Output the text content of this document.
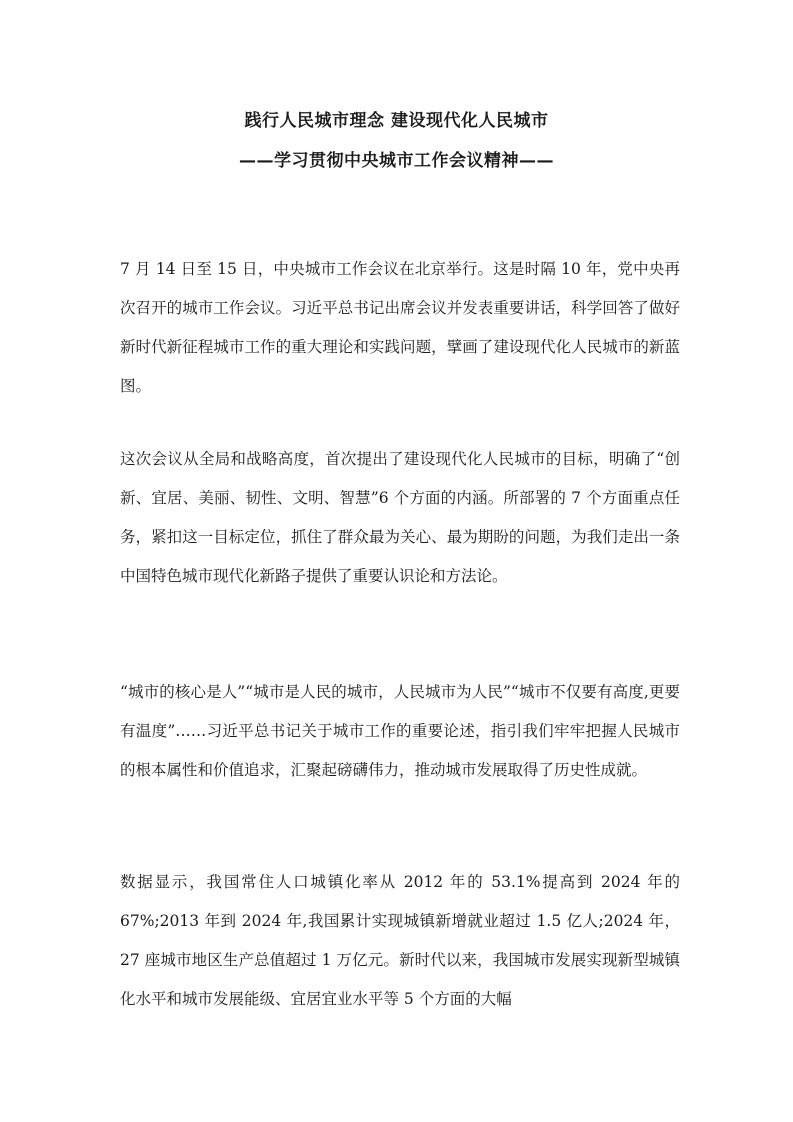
践行人民城市理念 建设现代化人民城市
——学习贯彻中央城市工作会议精神——

7 月 14 日至 15 日，中央城市工作会议在北京举行。这是时隔 10 年，党中央再次召开的城市工作会议。习近平总书记出席会议并发表重要讲话，科学回答了做好新时代新征程城市工作的重大理论和实践问题，擘画了建设现代化人民城市的新蓝图。

这次会议从全局和战略高度，首次提出了建设现代化人民城市的目标，明确了“创新、宜居、美丽、韧性、文明、智慧”6 个方面的内涵。所部署的 7 个方面重点任务，紧扣这一目标定位，抓住了群众最为关心、最为期盼的问题，为我们走出一条中国特色城市现代化新路子提供了重要认识论和方法论。

“城市的核心是人”“城市是人民的城市，人民城市为人民”“城市不仅要有高度,更要有温度”……习近平总书记关于城市工作的重要论述，指引我们牢牢把握人民城市的根本属性和价值追求，汇聚起磅礴伟力，推动城市发展取得了历史性成就。

数据显示，我国常住人口城镇化率从 2012 年的 53.1%提高到 2024 年的 67%;2013 年到 2024 年,我国累计实现城镇新增就业超过 1.5 亿人;2024 年，27 座城市地区生产总值超过 1 万亿元。新时代以来，我国城市发展实现新型城镇化水平和城市发展能级、宜居宜业水平等 5 个方面的大幅
